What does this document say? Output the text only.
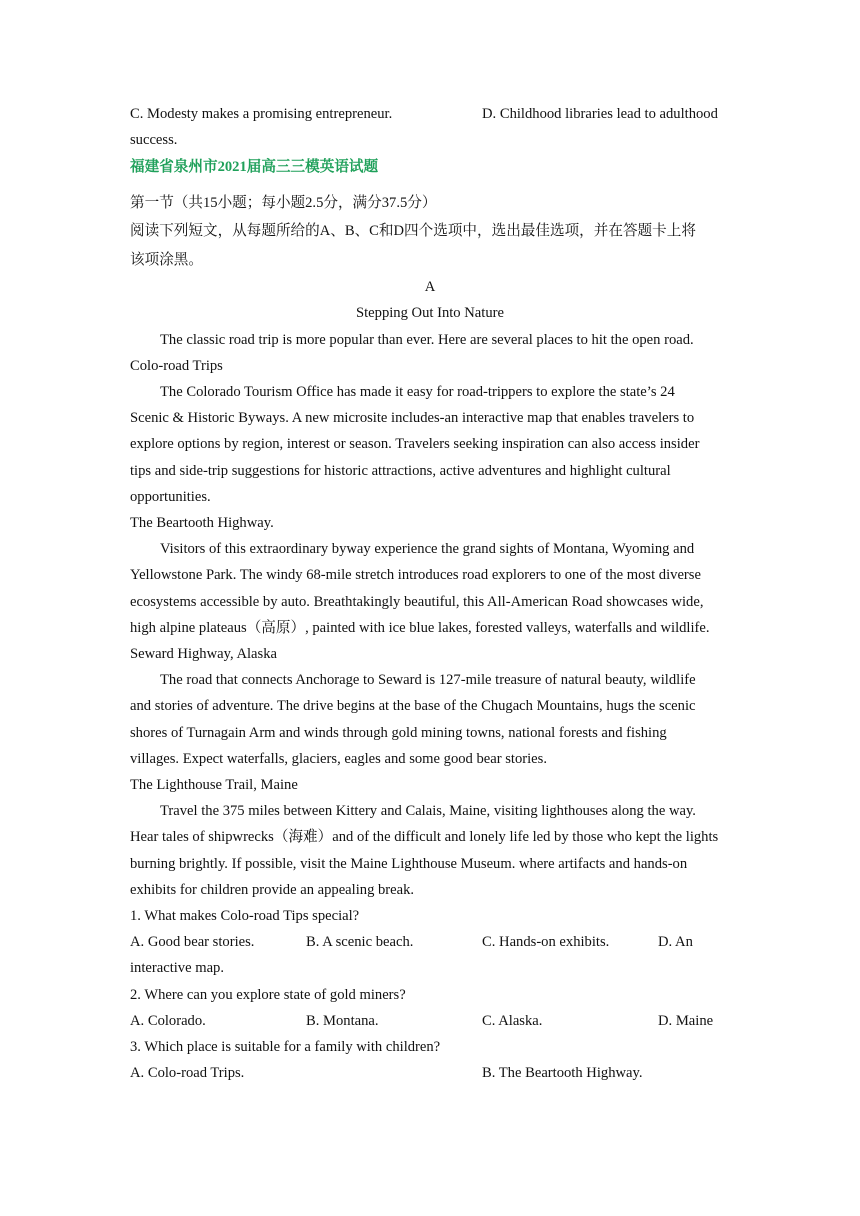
C. Modesty makes a promising entrepreneur.	D. Childhood libraries lead to adulthood
success.
福建省泉州市2021届高三三模英语试题
第一节（共15小题；每小题2.5分，满分37.5分）
阅读下列短文，从每题所给的A、B、C和D四个选项中，选出最佳选项，并在答题卡上将
该项涂黑。
A
Stepping Out Into Nature
The classic road trip is more popular than ever. Here are several places to hit the open road.
Colo-road Trips
The Colorado Tourism Office has made it easy for road-trippers to explore the state’s 24
Scenic & Historic Byways. A new microsite includes-an interactive map that enables travelers to
explore options by region, interest or season. Travelers seeking inspiration can also access insider
tips and side-trip suggestions for historic attractions, active adventures and highlight cultural
opportunities.
The Beartooth Highway.
Visitors of this extraordinary byway experience the grand sights of Montana, Wyoming and
Yellowstone Park. The windy 68-mile stretch introduces road explorers to one of the most diverse
ecosystems accessible by auto. Breathtakingly beautiful, this All-American Road showcases wide,
high alpine plateaus（高原）, painted with ice blue lakes, forested valleys, waterfalls and wildlife.
Seward Highway, Alaska
The road that connects Anchorage to Seward is 127-mile treasure of natural beauty, wildlife
and stories of adventure. The drive begins at the base of the Chugach Mountains, hugs the scenic
shores of Turnagain Arm and winds through gold mining towns, national forests and fishing
villages. Expect waterfalls, glaciers, eagles and some good bear stories.
The Lighthouse Trail, Maine
Travel the 375 miles between Kittery and Calais, Maine, visiting lighthouses along the way.
Hear tales of shipwrecks（海难）and of the difficult and lonely life led by those who kept the lights
burning brightly. If possible, visit the Maine Lighthouse Museum. where artifacts and hands-on
exhibits for children provide an appealing break.
1. What makes Colo-road Tips special?
A. Good bear stories.	B. A scenic beach.	C. Hands-on exhibits.	D. An
interactive map.
2. Where can you explore state of gold miners?
A. Colorado.	B. Montana.	C. Alaska.	D. Maine
3. Which place is suitable for a family with children?
A. Colo-road Trips.	B. The Beartooth Highway.
